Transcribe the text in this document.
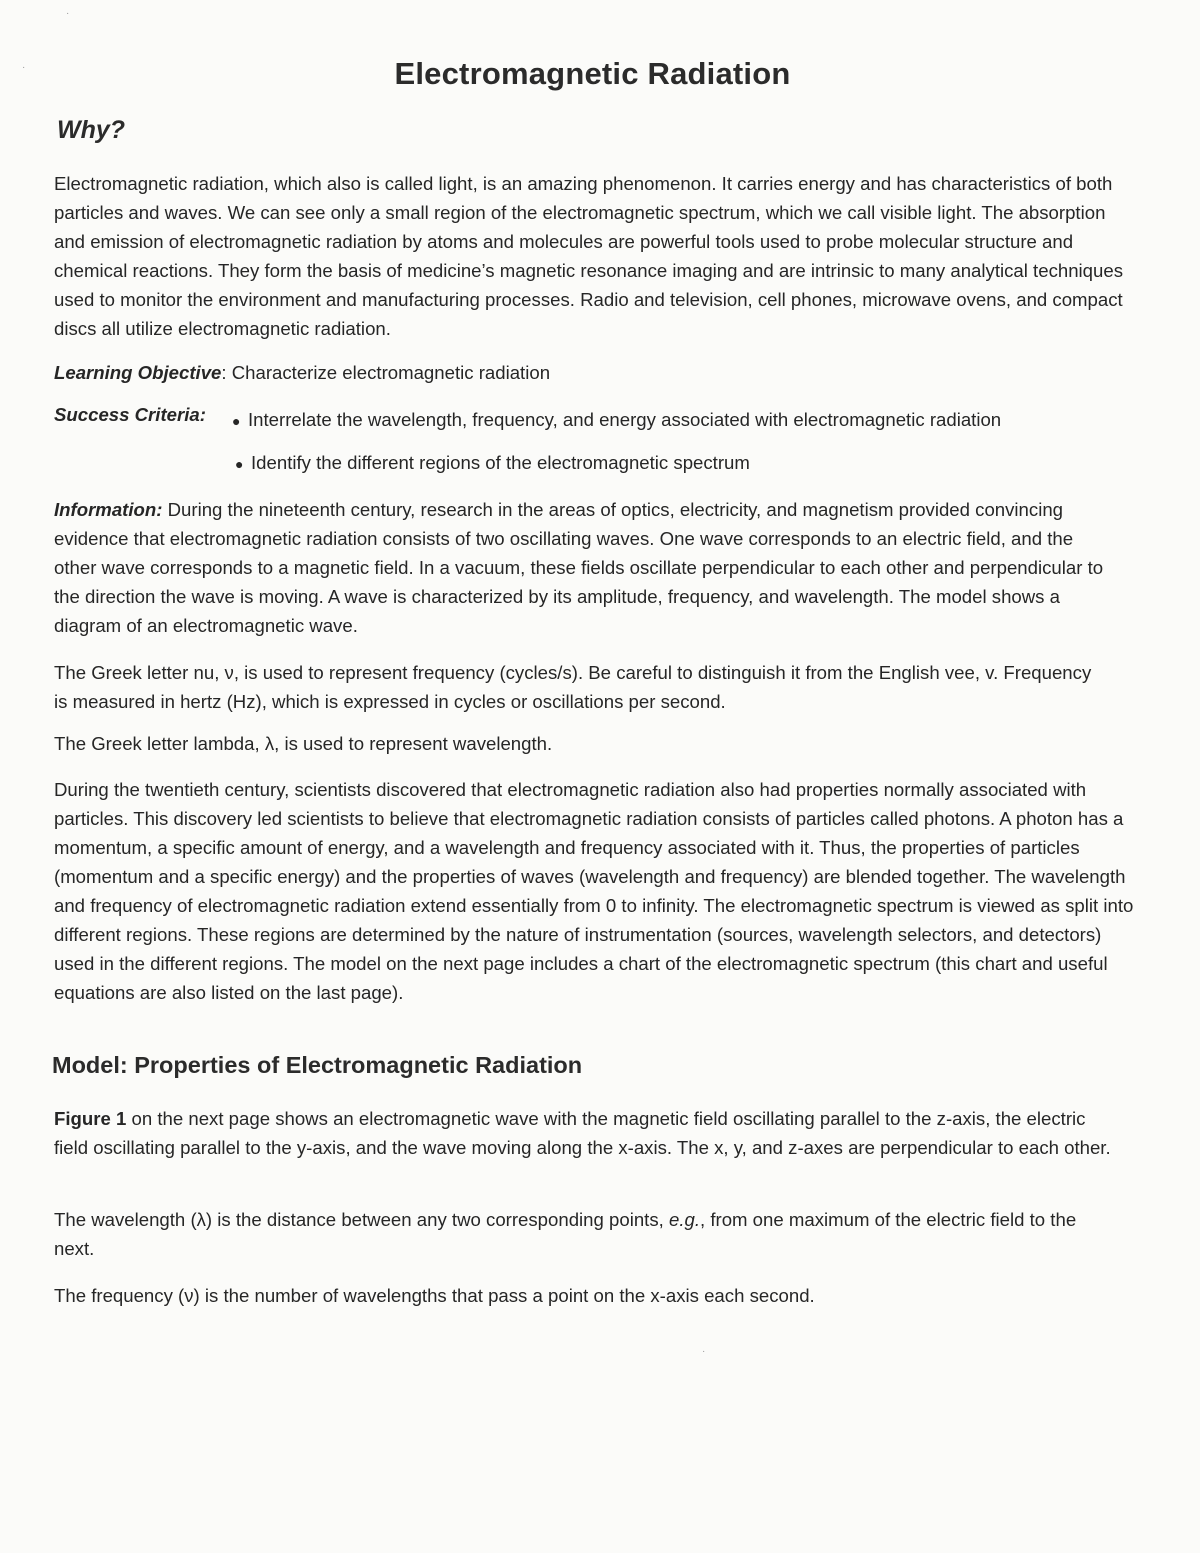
Electromagnetic Radiation
Why?

Electromagnetic radiation, which also is called light, is an amazing phenomenon. It carries energy and has characteristics of both particles and waves. We can see only a small region of the electromagnetic spectrum, which we call visible light. The absorption and emission of electromagnetic radiation by atoms and molecules are powerful tools used to probe molecular structure and chemical reactions. They form the basis of medicine’s magnetic resonance imaging and are intrinsic to many analytical techniques used to monitor the environment and manufacturing processes. Radio and television, cell phones, microwave ovens, and compact discs all utilize electromagnetic radiation.

Learning Objective: Characterize electromagnetic radiation

Success Criteria:	● Interrelate the wavelength, frequency, and energy associated with electromagnetic radiation

● Identify the different regions of the electromagnetic spectrum

Information: During the nineteenth century, research in the areas of optics, electricity, and magnetism provided convincing evidence that electromagnetic radiation consists of two oscillating waves. One wave corresponds to an electric field, and the other wave corresponds to a magnetic field. In a vacuum, these fields oscillate perpendicular to each other and perpendicular to the direction the wave is moving. A wave is characterized by its amplitude, frequency, and wavelength. The model shows a diagram of an electromagnetic wave.

The Greek letter nu, ν, is used to represent frequency (cycles/s). Be careful to distinguish it from the English vee, v. Frequency is measured in hertz (Hz), which is expressed in cycles or oscillations per second.

The Greek letter lambda, λ, is used to represent wavelength.

During the twentieth century, scientists discovered that electromagnetic radiation also had properties normally associated with particles. This discovery led scientists to believe that electromagnetic radiation consists of particles called photons. A photon has a momentum, a specific amount of energy, and a wavelength and frequency associated with it. Thus, the properties of particles (momentum and a specific energy) and the properties of waves (wavelength and frequency) are blended together. The wavelength and frequency of electromagnetic radiation extend essentially from 0 to infinity. The electromagnetic spectrum is viewed as split into different regions. These regions are determined by the nature of instrumentation (sources, wavelength selectors, and detectors) used in the different regions. The model on the next page includes a chart of the electromagnetic spectrum (this chart and useful equations are also listed on the last page).

Model: Properties of Electromagnetic Radiation

Figure 1 on the next page shows an electromagnetic wave with the magnetic field oscillating parallel to the z-axis, the electric field oscillating parallel to the y-axis, and the wave moving along the x-axis. The x, y, and z-axes are perpendicular to each other.

The wavelength (λ) is the distance between any two corresponding points, e.g., from one maximum of the electric field to the next.

The frequency (ν) is the number of wavelengths that pass a point on the x-axis each second.

·
·
·
